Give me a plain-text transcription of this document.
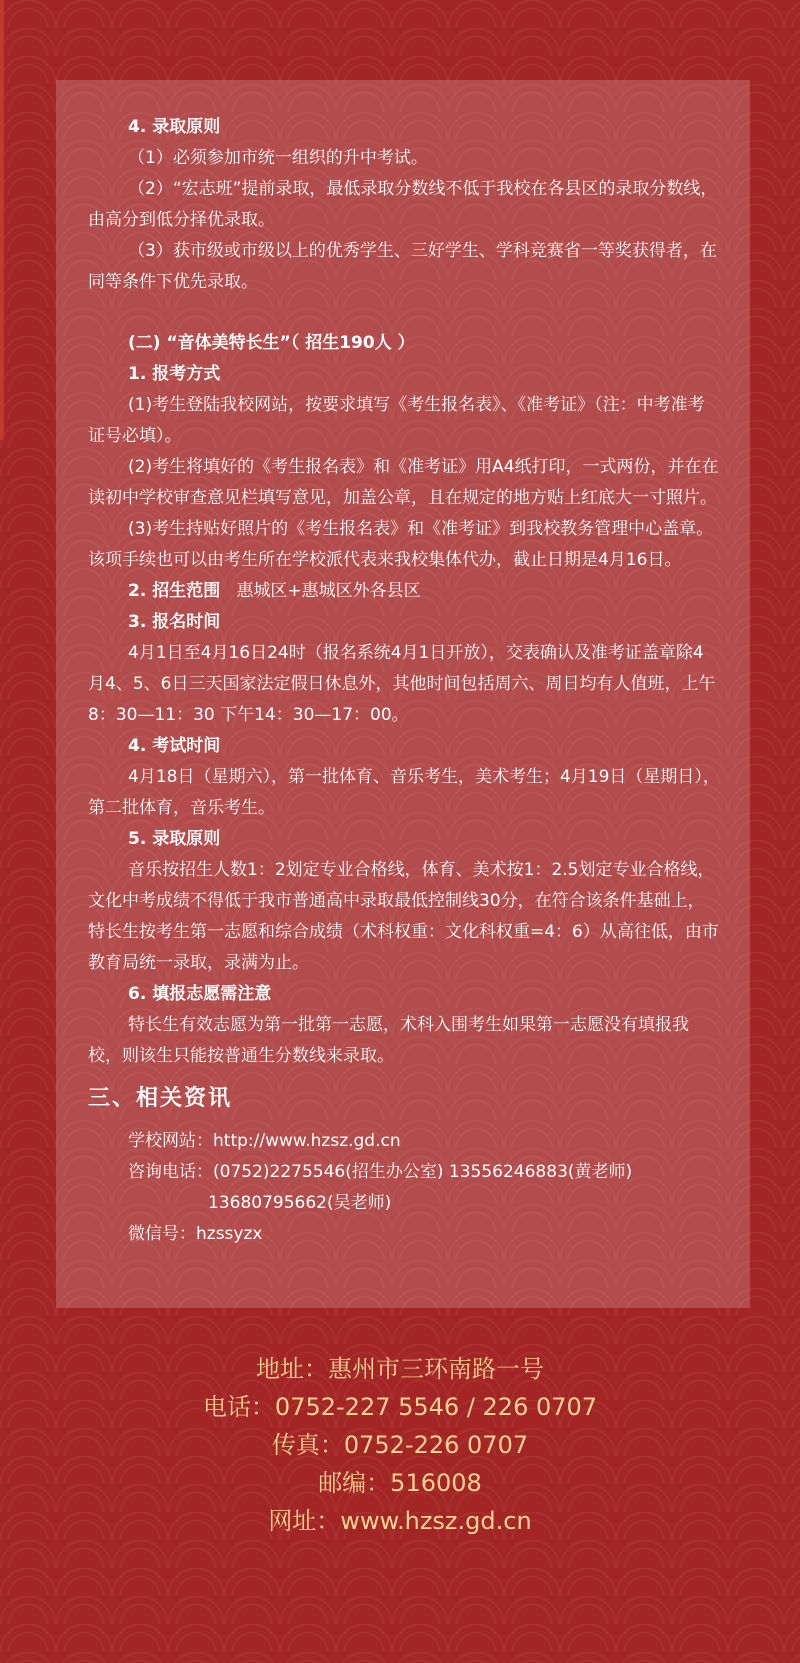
4. 录取原则

（1）必须参加市统一组织的升中考试。

（2）“宏志班”提前录取，最低录取分数线不低于我校在各县区的录取分数线，由高分到低分择优录取。

（3）获市级或市级以上的优秀学生、三好学生、学科竞赛省一等奖获得者，在同等条件下优先录取。

(二) “音体美特长生”（ 招生190人 ）

1. 报考方式

(1)考生登陆我校网站，按要求填写《考生报名表》、《准考证》（注：中考准考证号必填）。

(2)考生将填好的《考生报名表》和《准考证》用A4纸打印，一式两份，并在在读初中学校审查意见栏填写意见，加盖公章，且在规定的地方贴上红底大一寸照片。

(3)考生持贴好照片的《考生报名表》和《准考证》到我校教务管理中心盖章。该项手续也可以由考生所在学校派代表来我校集体代办，截止日期是4月16日。

2. 招生范围 惠城区+惠城区外各县区

3. 报名时间

4月1日至4月16日24时（报名系统4月1日开放），交表确认及准考证盖章除4月4、5、6日三天国家法定假日休息外，其他时间包括周六、周日均有人值班，上午8：30—11：30 下午14：30—17：00。

4. 考试时间

4月18日（星期六），第一批体育、音乐考生，美术考生；4月19日（星期日），第二批体育，音乐考生。

5. 录取原则

音乐按招生人数1：2划定专业合格线，体育、美术按1：2.5划定专业合格线，文化中考成绩不得低于我市普通高中录取最低控制线30分，在符合该条件基础上，特长生按考生第一志愿和综合成绩（术科权重：文化科权重=4：6）从高往低，由市教育局统一录取，录满为止。

6. 填报志愿需注意

特长生有效志愿为第一批第一志愿，术科入围考生如果第一志愿没有填报我校，则该生只能按普通生分数线来录取。

三、相关资讯
学校网站：http://www.hzsz.gd.cn
咨询电话：(0752)2275546(招生办公室) 13556246883(黄老师)
13680795662(吴老师)
微信号：hzssyzx
地址：惠州市三环南路一号
电话：0752-227 5546 / 226 0707
传真：0752-226 0707
邮编：516008
网址：www.hzsz.gd.cn
